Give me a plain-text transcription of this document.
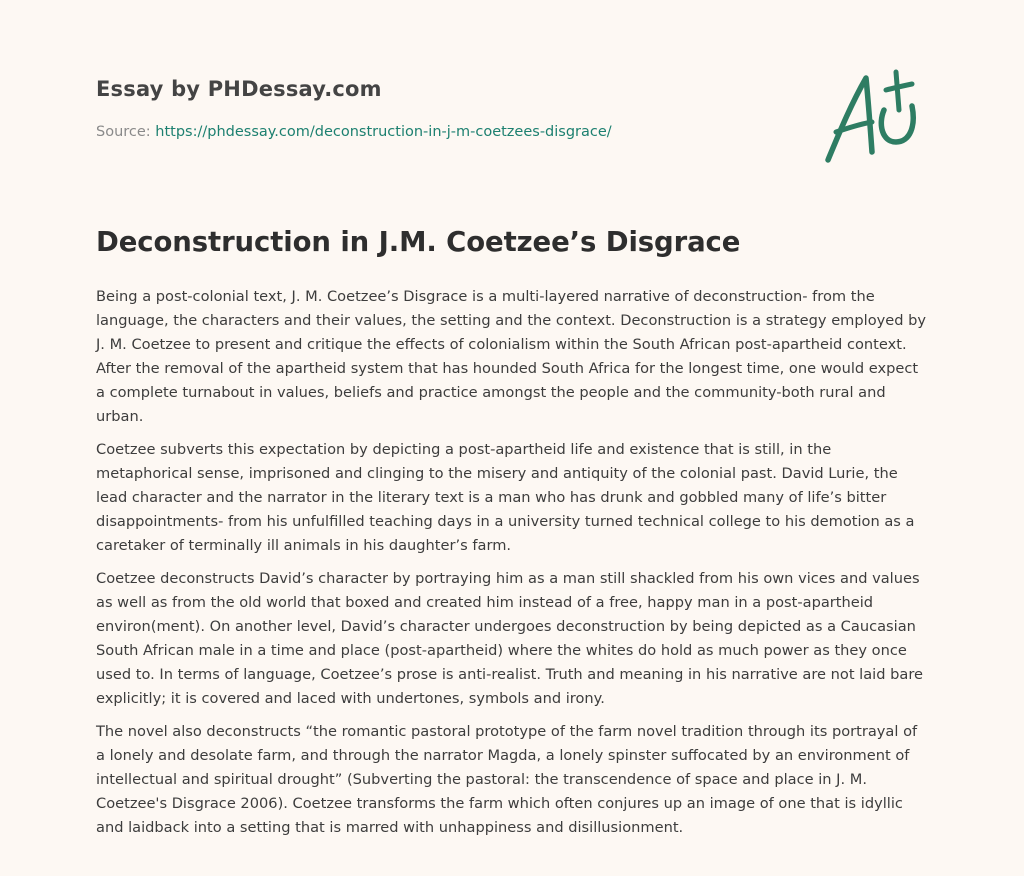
Essay by PHDessay.com
Source: https://phdessay.com/deconstruction-in-j-m-coetzees-disgrace/
Deconstruction in J.M. Coetzee’s Disgrace

Being a post-colonial text, J. M. Coetzee’s Disgrace is a multi-layered narrative of deconstruction- from the language, the characters and their values, the setting and the context. Deconstruction is a strategy employed by J. M. Coetzee to present and critique the effects of colonialism within the South African post-apartheid context. After the removal of the apartheid system that has hounded South Africa for the longest time, one would expect a complete turnabout in values, beliefs and practice amongst the people and the community-both rural and urban.

Coetzee subverts this expectation by depicting a post-apartheid life and existence that is still, in the metaphorical sense, imprisoned and clinging to the misery and antiquity of the colonial past. David Lurie, the lead character and the narrator in the literary text is a man who has drunk and gobbled many of life’s bitter disappointments- from his unfulfilled teaching days in a university turned technical college to his demotion as a caretaker of terminally ill animals in his daughter’s farm.

Coetzee deconstructs David’s character by portraying him as a man still shackled from his own vices and values as well as from the old world that boxed and created him instead of a free, happy man in a post-apartheid environ(ment). On another level, David’s character undergoes deconstruction by being depicted as a Caucasian South African male in a time and place (post-apartheid) where the whites do hold as much power as they once used to. In terms of language, Coetzee’s prose is anti-realist. Truth and meaning in his narrative are not laid bare explicitly; it is covered and laced with undertones, symbols and irony.

The novel also deconstructs “the romantic pastoral prototype of the farm novel tradition through its portrayal of a lonely and desolate farm, and through the narrator Magda, a lonely spinster suffocated by an environment of intellectual and spiritual drought” (Subverting the pastoral: the transcendence of space and place in J. M. Coetzee's Disgrace 2006). Coetzee transforms the farm which often conjures up an image of one that is idyllic and laidback into a setting that is marred with unhappiness and disillusionment.
